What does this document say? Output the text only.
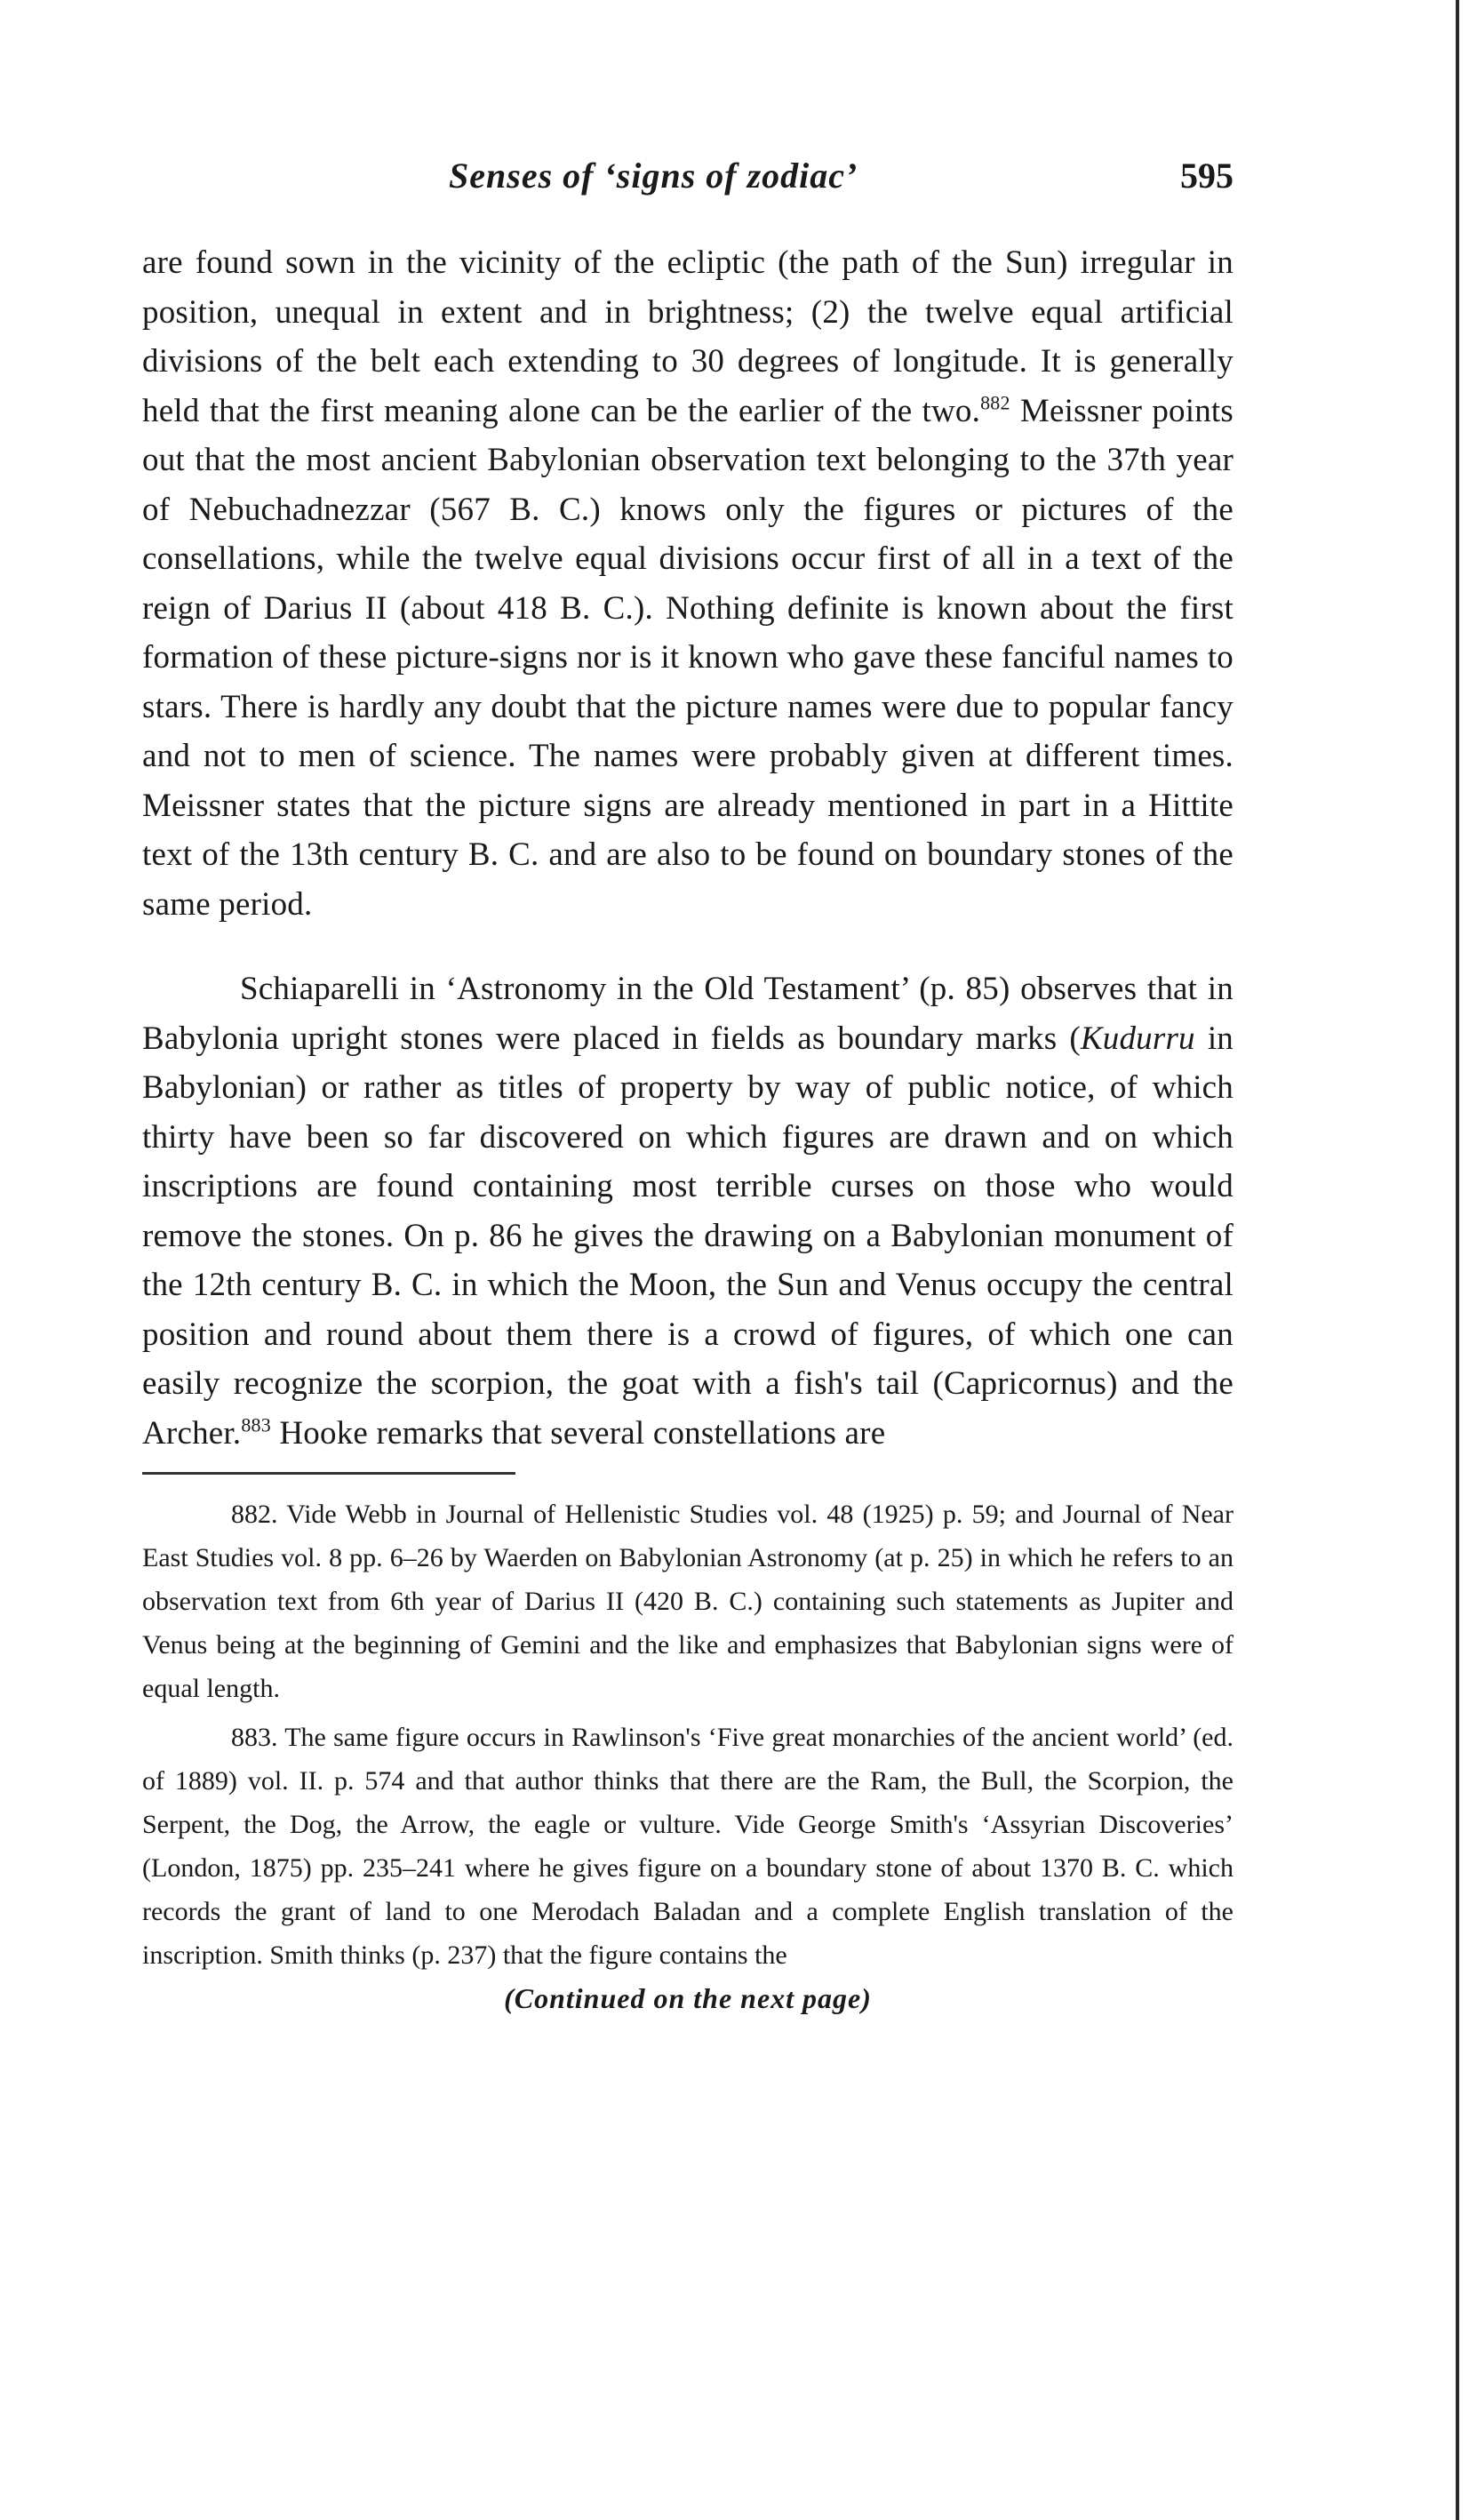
Senses of ‘signs of zodiac’	595

are found sown in the vicinity of the ecliptic (the path of the Sun) irregular in position, unequal in extent and in brightness; (2) the twelve equal artificial divisions of the belt each extending to 30 degrees of longitude. It is generally held that the first meaning alone can be the earlier of the two.$^{882}$ Meissner points out that the most ancient Babylonian observation text belonging to the 37th year of Nebuchadnezzar (567 B. C.) knows only the figures or pictures of the consellations, while the twelve equal divisions occur first of all in a text of the reign of Darius II (about 418 B. C.). Nothing definite is known about the first formation of these picture-signs nor is it known who gave these fanciful names to stars. There is hardly any doubt that the picture names were due to popular fancy and not to men of science. The names were probably given at different times. Meissner states that the picture signs are already mentioned in part in a Hittite text of the 13th century B. C. and are also to be found on boundary stones of the same period.

Schiaparelli in ‘Astronomy in the Old Testament’ (p. 85) observes that in Babylonia upright stones were placed in fields as boundary marks (Kudurru in Babylonian) or rather as titles of property by way of public notice, of which thirty have been so far discovered on which figures are drawn and on which inscriptions are found containing most terrible curses on those who would remove the stones. On p. 86 he gives the drawing on a Babylonian monument of the 12th century B. C. in which the Moon, the Sun and Venus occupy the central position and round about them there is a crowd of figures, of which one can easily recognize the scorpion, the goat with a fish's tail (Capricornus) and the Archer.$^{883}$ Hooke remarks that several constellations are

882. Vide Webb in Journal of Hellenistic Studies vol. 48 (1925) p. 59; and Journal of Near East Studies vol. 8 pp. 6–26 by Waerden on Babylonian Astronomy (at p. 25) in which he refers to an observation text from 6th year of Darius II (420 B. C.) containing such statements as Jupiter and Venus being at the beginning of Gemini and the like and emphasizes that Babylonian signs were of equal length.

883. The same figure occurs in Rawlinson's ‘Five great monarchies of the ancient world’ (ed. of 1889) vol. II. p. 574 and that author thinks that there are the Ram, the Bull, the Scorpion, the Serpent, the Dog, the Arrow, the eagle or vulture. Vide George Smith's ‘Assyrian Discoveries’ (London, 1875) pp. 235–241 where he gives figure on a boundary stone of about 1370 B. C. which records the grant of land to one Merodach Baladan and a complete English translation of the inscription. Smith thinks (p. 237) that the figure contains the

(Continued on the next page)
